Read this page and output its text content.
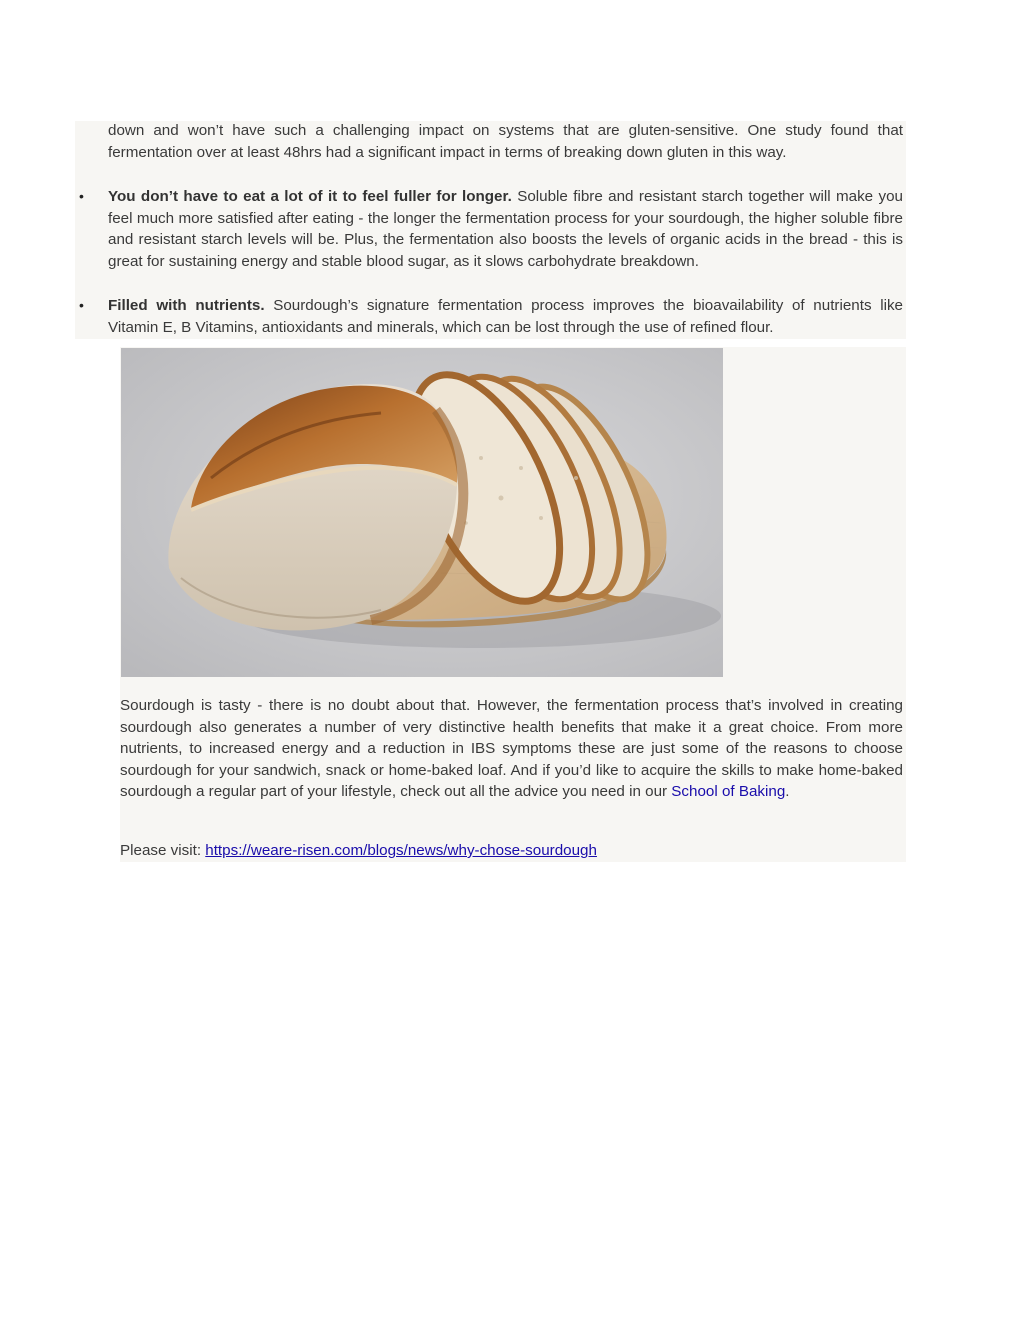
down and won’t have such a challenging impact on systems that are gluten-sensitive. One study found that fermentation over at least 48hrs had a significant impact in terms of breaking down gluten in this way.

• You don’t have to eat a lot of it to feel fuller for longer. Soluble fibre and resistant starch together will make you feel much more satisfied after eating - the longer the fermentation process for your sourdough, the higher soluble fibre and resistant starch levels will be. Plus, the fermentation also boosts the levels of organic acids in the bread - this is great for sustaining energy and stable blood sugar, as it slows carbohydrate breakdown.
• Filled with nutrients. Sourdough’s signature fermentation process improves the bioavailability of nutrients like Vitamin E, B Vitamins, antioxidants and minerals, which can be lost through the use of refined flour.

Sourdough is tasty - there is no doubt about that. However, the fermentation process that’s involved in creating sourdough also generates a number of very distinctive health benefits that make it a great choice. From more nutrients, to increased energy and a reduction in IBS symptoms these are just some of the reasons to choose sourdough for your sandwich, snack or home-baked loaf. And if you’d like to acquire the skills to make home-baked sourdough a regular part of your lifestyle, check out all the advice you need in our School of Baking.

Please visit: https://weare-risen.com/blogs/news/why-chose-sourdough
